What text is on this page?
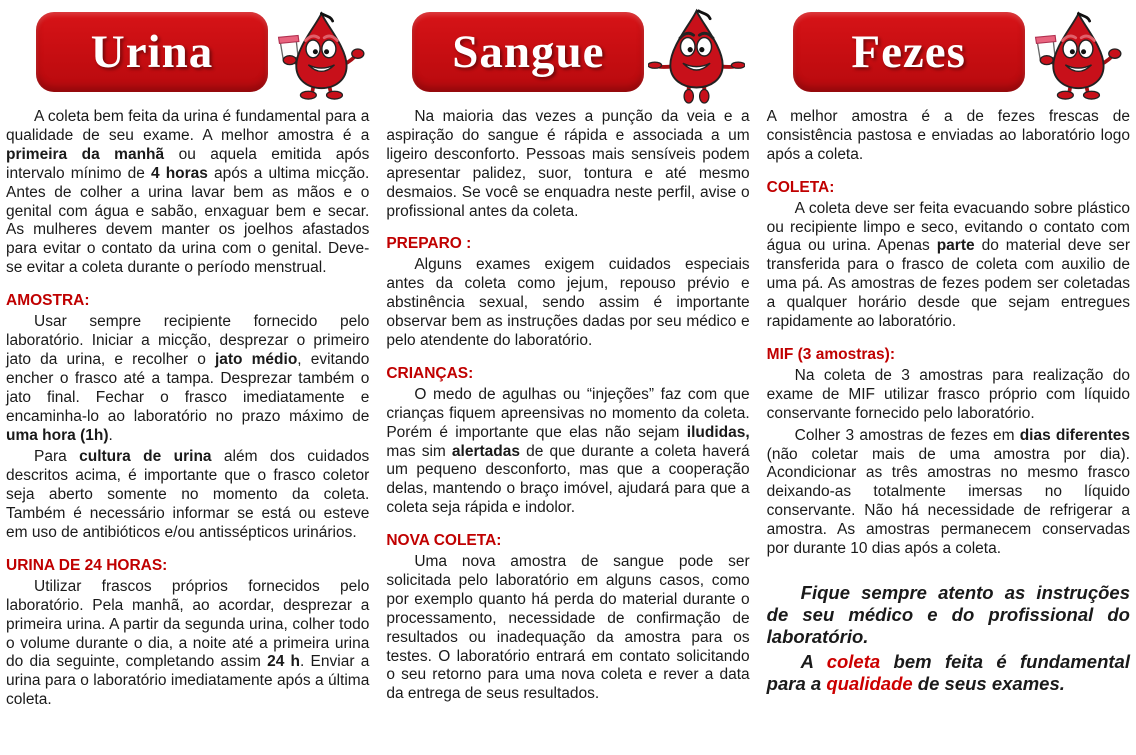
Urina

A coleta bem feita da urina é fundamental para a qualidade de seu exame. A melhor amostra é a primeira da manhã ou aquela emitida após intervalo mínimo de 4 horas após a ultima micção. Antes de colher a urina lavar bem as mãos e o genital com água e sabão, enxaguar bem e secar. As mulheres devem manter os joelhos afastados para evitar o contato da urina com o genital. Deve-se evitar a coleta durante o período menstrual.

AMOSTRA:

Usar sempre recipiente fornecido pelo laboratório. Iniciar a micção, desprezar o primeiro jato da urina, e recolher o jato médio, evitando encher o frasco até a tampa. Desprezar também o jato final. Fechar o frasco imediatamente e encaminha-lo ao laboratório no prazo máximo de uma hora (1h).

Para cultura de urina além dos cuidados descritos acima, é importante que o frasco coletor seja aberto somente no momento da coleta. Também é necessário informar se está ou esteve em uso de antibióticos e/ou antissépticos urinários.

URINA DE 24 HORAS:

Utilizar frascos próprios fornecidos pelo laboratório. Pela manhã, ao acordar, desprezar a primeira urina. A partir da segunda urina, colher todo o volume durante o dia, a noite até a primeira urina do dia seguinte, completando assim 24 h. Enviar a urina para o laboratório imediatamente após a última coleta.

Sangue

Na maioria das vezes a punção da veia e a aspiração do sangue é rápida e associada a um ligeiro desconforto. Pessoas mais sensíveis podem apresentar palidez, suor, tontura e até mesmo desmaios. Se você se enquadra neste perfil, avise o profissional antes da coleta.

PREPARO :

Alguns exames exigem cuidados especiais antes da coleta como jejum, repouso prévio e abstinência sexual, sendo assim é importante observar bem as instruções dadas por seu médico e pelo atendente do laboratório.

CRIANÇAS:

O medo de agulhas ou “injeções” faz com que crianças fiquem apreensivas no momento da coleta. Porém é importante que elas não sejam iludidas, mas sim alertadas de que durante a coleta haverá um pequeno desconforto, mas que a cooperação delas, mantendo o braço imóvel, ajudará para que a coleta seja rápida e indolor.

NOVA COLETA:

Uma nova amostra de sangue pode ser solicitada pelo laboratório em alguns casos, como por exemplo quanto há perda do material durante o processamento, necessidade de confirmação de resultados ou inadequação da amostra para os testes. O laboratório entrará em contato solicitando o seu retorno para uma nova coleta e rever a data da entrega de seus resultados.

Fezes

A melhor amostra é a de fezes frescas de consistência pastosa e enviadas ao laboratório logo após a coleta.

COLETA:

A coleta deve ser feita evacuando sobre plástico ou recipiente limpo e seco, evitando o contato com água ou urina. Apenas parte do material deve ser transferida para o frasco de coleta com auxilio de uma pá. As amostras de fezes podem ser coletadas a qualquer horário desde que sejam entregues rapidamente ao laboratório.

MIF (3 amostras):

Na coleta de 3 amostras para realização do exame de MIF utilizar frasco próprio com líquido conservante fornecido pelo laboratório.

Colher 3 amostras de fezes em dias diferentes (não coletar mais de uma amostra por dia). Acondicionar as três amostras no mesmo frasco deixando-as totalmente imersas no líquido conservante. Não há necessidade de refrigerar a amostra. As amostras permanecem conservadas por durante 10 dias após a coleta.

Fique sempre atento as instruções de seu médico e do profissional do laboratório.

A coleta bem feita é fundamental para a qualidade de seus exames.
